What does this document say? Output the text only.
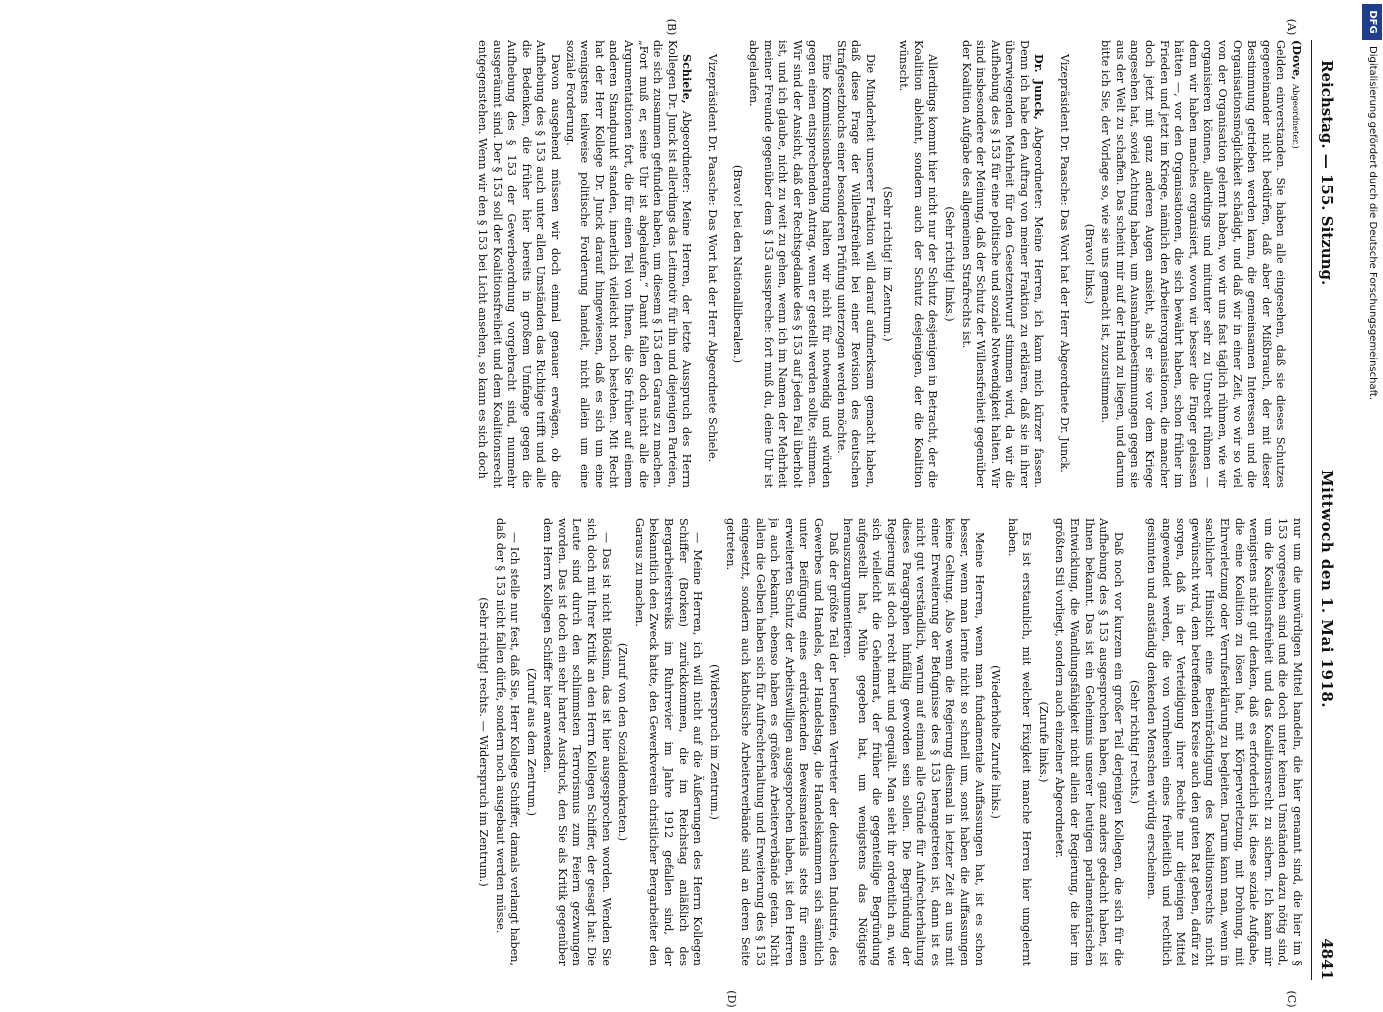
Reichstag. — 155. Sitzung.
Mittwoch den 1. Mai 1918.
4841

(Dove, Abgeordneter.)

Gelden einverstanden. Sie haben alle eingesehen, daß sie dieses Schutzes gegeneinander nicht bedürfen, daß aber der Mißbrauch, der mit dieser Bestimmung getrieben werden kann, die gemeinsamen Interessen und die Organisationsmöglichkeit schädigt, und daß wir in einer Zeit, wo wir so viel von der Organisation gelernt haben, wo wir uns fast täglich rühmen, wie wir organisieren können, allerdings und mitunter sehr zu Unrecht rühmen — denn wir haben manches organisiert, wovon wir besser die Finger gelassen hätten —, vor den Organisationen, die sich bewährt haben, schon früher im Frieden und jetzt im Kriege, nämlich den Arbeiterorganisationen, die mancher doch jetzt mit ganz anderen Augen ansieht, als er sie vor dem Kriege angesehen hat, soviel Achtung haben, um Ausnahmebestimmungen gegen sie aus der Welt zu schaffen. Das scheint mir auf der Hand zu liegen, und darum bitte ich Sie, der Vorlage so, wie sie uns gemacht ist, zuzustimmen.

(Bravo! links.)

Vizepräsident Dr. Paasche: Das Wort hat der Herr Abgeordnete Dr. Junck.

Dr. Junck, Abgeordneter: Meine Herren, ich kann mich kürzer fassen. Denn ich habe den Auftrag von meiner Fraktion zu erklären, daß sie in ihrer überwiegenden Mehrheit für den Gesetzentwurf stimmen wird, da wir die Aufhebung des § 153 für eine politische und soziale Notwendigkeit halten. Wir sind insbesondere der Meinung, daß der Schutz der Willensfreiheit gegenüber der Koalition Aufgabe des allgemeinen Strafrechts ist.

(Sehr richtig! links.)

Allerdings kommt hier nicht nur der Schutz desjenigen in Betracht, der die Koalition ablehnt, sondern auch der Schutz desjenigen, der die Koalition wünscht.

(Sehr richtig! im Zentrum.)

Die Minderheit unserer Fraktion will darauf aufmerksam gemacht haben, daß diese Frage der Willensfreiheit bei einer Revision des deutschen Strafgesetzbuchs einer besonderen Prüfung unterzogen werden möchte.

Eine Kommissionsberatung halten wir nicht für notwendig und würden gegen einen entsprechenden Antrag, wenn er gestellt werden sollte, stimmen. Wir sind der Ansicht, daß der Rechtsgedanke des § 153 auf jeden Fall überholt ist, und ich glaube, nicht zu weit zu gehen, wenn ich im Namen der Mehrheit meiner Freunde gegenüber dem § 153 ausspreche: fort muß du, deine Uhr ist abgelaufen.

(Bravo! bei den Nationalliberalen.)

Vizepräsident Dr. Paasche: Das Wort hat der Herr Abgeordnete Schiele.

Schiele, Abgeordneter: Meine Herren, der letzte Ausspruch des Herrn Kollegen Dr. Junck ist allerdings das Leitmotiv für ihn und diejenigen Parteien, die sich zusammen gefunden haben, um diesem § 153 den Garaus zu machen. „Fort muß er, seine Uhr ist abgelaufen.“ Damit fallen doch nicht alle die Argumentationen fort, die für einen Teil von Ihnen, die Sie früher auf einem anderen Standpunkt standen, innerlich vielleicht noch bestehen. Mit Recht hat der Herr Kollege Dr. Junck darauf hingewiesen, daß es sich um eine wenigstens teilweise politische Forderung handelt, nicht allein um eine soziale Forderung.

Davon ausgehend müssen wir doch einmal genauer erwägen, ob die Aufhebung des § 153 auch unter allen Umständen das Richtige trifft und alle die Bedenken, die früher hier bereits in großem Umfange gegen die Aufhebung des § 153 der Gewerbeordnung vorgebracht sind, nunmehr ausgeräumt sind. Der § 153 soll der Koalitionsfreiheit und dem Koalitionsrecht entgegenstehen. Wenn wir den § 153 bei Licht ansehen, so kann es sich doch

nur um die unwürdigen Mittel handeln, die hier genannt sind, die hier im § 153 vorgesehen sind und die doch unter keinen Umständen dazu nötig sind, um die Koalitionsfreiheit und das Koalitionsrecht zu sichern. Ich kann mir wenigstens nicht gut denken, daß es erforderlich ist, diese soziale Aufgabe, die eine Koalition zu lösen hat, mit Körperverletzung, mit Drohung, mit Ehrverletzung oder Verrufserklärung zu begleiten. Darum kann man, wenn in sachlicher Hinsicht eine Beeinträchtigung des Koalitionsrechts nicht gewünscht wird, dem betreffenden Kreise auch den guten Rat geben, dafür zu sorgen, daß in der Verteidigung ihrer Rechte nur diejenigen Mittel angewendet werden, die von vornherein eines freiheitlich und rechtlich gesinnten und anständig denkenden Menschen würdig erscheinen.

(Sehr richtig! rechts.)

Daß noch vor kurzem ein großer Teil derjenigen Kollegen, die sich für die Aufhebung des § 153 ausgesprochen haben, ganz anders gedacht haben, ist Ihnen bekannt. Das ist ein Geheimnis unserer heutigen parlamentarischen Entwicklung, die Wandlungsfähigkeit nicht allein der Regierung, die hier im größten Stil vorliegt, sondern auch einzelner Abgeordneter.

(Zurufe links.)

Es ist erstaunlich, mit welcher Fixigkeit manche Herren hier umgelernt haben.

(Wiederholte Zurufe links.)

Meine Herren, wenn man fundamentale Auffassungen hat, ist es schon besser, wenn man lernte nicht so schnell um, sonst haben die Auffassungen keine Geltung. Also wenn die Regierung diesmal in letzter Zeit an uns mit einer Erweiterung der Befugnisse des § 153 herangetreten ist, dann ist es nicht gut verständlich, warum auf einmal alle Gründe für Aufrechterhaltung dieses Paragraphen hinfällig geworden sein sollen. Die Begründung der Regierung ist doch recht matt und gequält. Man sieht ihr ordentlich an, wie sich vielleicht die Geheimrat, der früher die gegenteilige Begründung aufgestellt hat, Mühe gegeben hat, um wenigstens das Nötigste herauszuargumentieren.

Daß der größte Teil der berufenen Vertreter der deutschen Industrie, des Gewerbes und Handels, der Handelstag, die Handelskammern sich sämtlich unter Beifügung eines erdrückenden Beweismaterials stets für einen erweiterten Schutz der Arbeitswilligen ausgesprochen haben, ist den Herren ja auch bekannt, ebenso haben es größere Arbeiterverbände getan. Nicht allein die Gelben haben sich für Aufrechterhaltung und Erweiterung des § 153 eingesetzt, sondern auch katholische Arbeiterverbände sind an deren Seite getreten.

(Widerspruch im Zentrum.)

— Meine Herren, ich will nicht auf die Äußerungen des Herrn Kollegen Schiffer (Borken) zurückkommen, die im Reichstag anläßlich des Bergarbeiterstreiks im Ruhrrevier im Jahre 1912 gefallen sind, der bekanntlich den Zweck hatte, den Gewerkverein christlicher Bergarbeiter den Garaus zu machen.

(Zuruf von den Sozialdemokraten.)

— Das ist nicht Blödsinn, das ist hier ausgesprochen worden. Wenden Sie sich doch mit Ihrer Kritik an den Herrn Kollegen Schiffer, der gesagt hat: Die Leute sind durch den schlimmsten Terrorismus zum Feiern gezwungen worden. Das ist doch ein sehr harter Ausdruck, den Sie als Kritik gegenüber dem Herrn Kollegen Schiffer hier anwenden.

(Zuruf aus dem Zentrum.)

— Ich stelle nur fest, daß Sie, Herr Kollege Schiffer, damals verlangt haben, daß der § 153 nicht fallen dürfe, sondern noch ausgebaut werden müsse.

(Sehr richtig! rechts. — Widerspruch im Zentrum.)

(A)
(B)
(C)
(D)
DFG
Digitalisierung gefördert durch die Deutsche Forschungsgemeinschaft.
